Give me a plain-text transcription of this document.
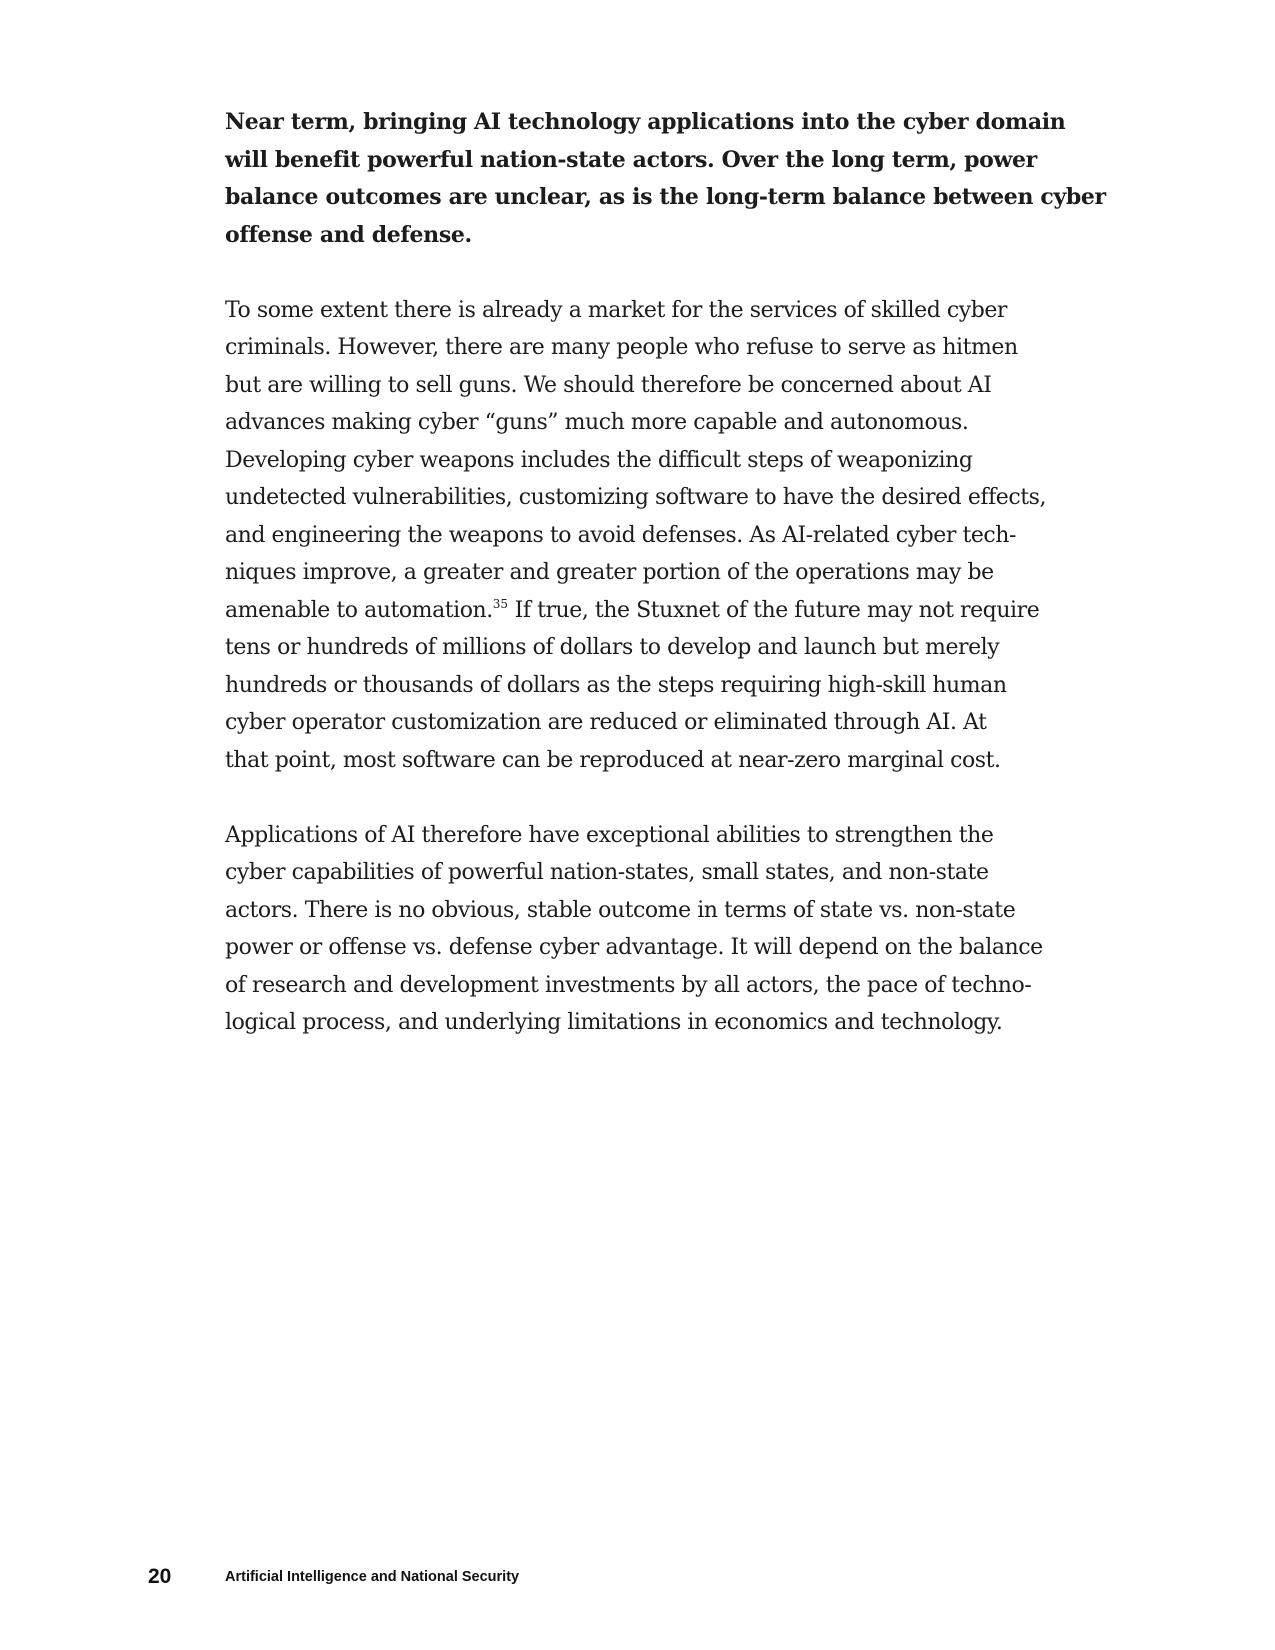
Near term, bringing AI technology applications into the cyber domain
will benefit powerful nation-state actors. Over the long term, power
balance outcomes are unclear, as is the long-term balance between cyber
offense and defense.

To some extent there is already a market for the services of skilled cyber
criminals. However, there are many people who refuse to serve as hitmen
but are willing to sell guns. We should therefore be concerned about AI
advances making cyber “guns” much more capable and autonomous.
Developing cyber weapons includes the difficult steps of weaponizing
undetected vulnerabilities, customizing software to have the desired effects,
and engineering the weapons to avoid defenses. As AI-related cyber tech-
niques improve, a greater and greater portion of the operations may be
amenable to automation.$^{35}$ If true, the Stuxnet of the future may not require
tens or hundreds of millions of dollars to develop and launch but merely
hundreds or thousands of dollars as the steps requiring high-skill human
cyber operator customization are reduced or eliminated through AI. At
that point, most software can be reproduced at near-zero marginal cost.

Applications of AI therefore have exceptional abilities to strengthen the
cyber capabilities of powerful nation-states, small states, and non-state
actors. There is no obvious, stable outcome in terms of state vs. non-state
power or offense vs. defense cyber advantage. It will depend on the balance
of research and development investments by all actors, the pace of techno-
logical process, and underlying limitations in economics and technology.

20	Artificial Intelligence and National Security
